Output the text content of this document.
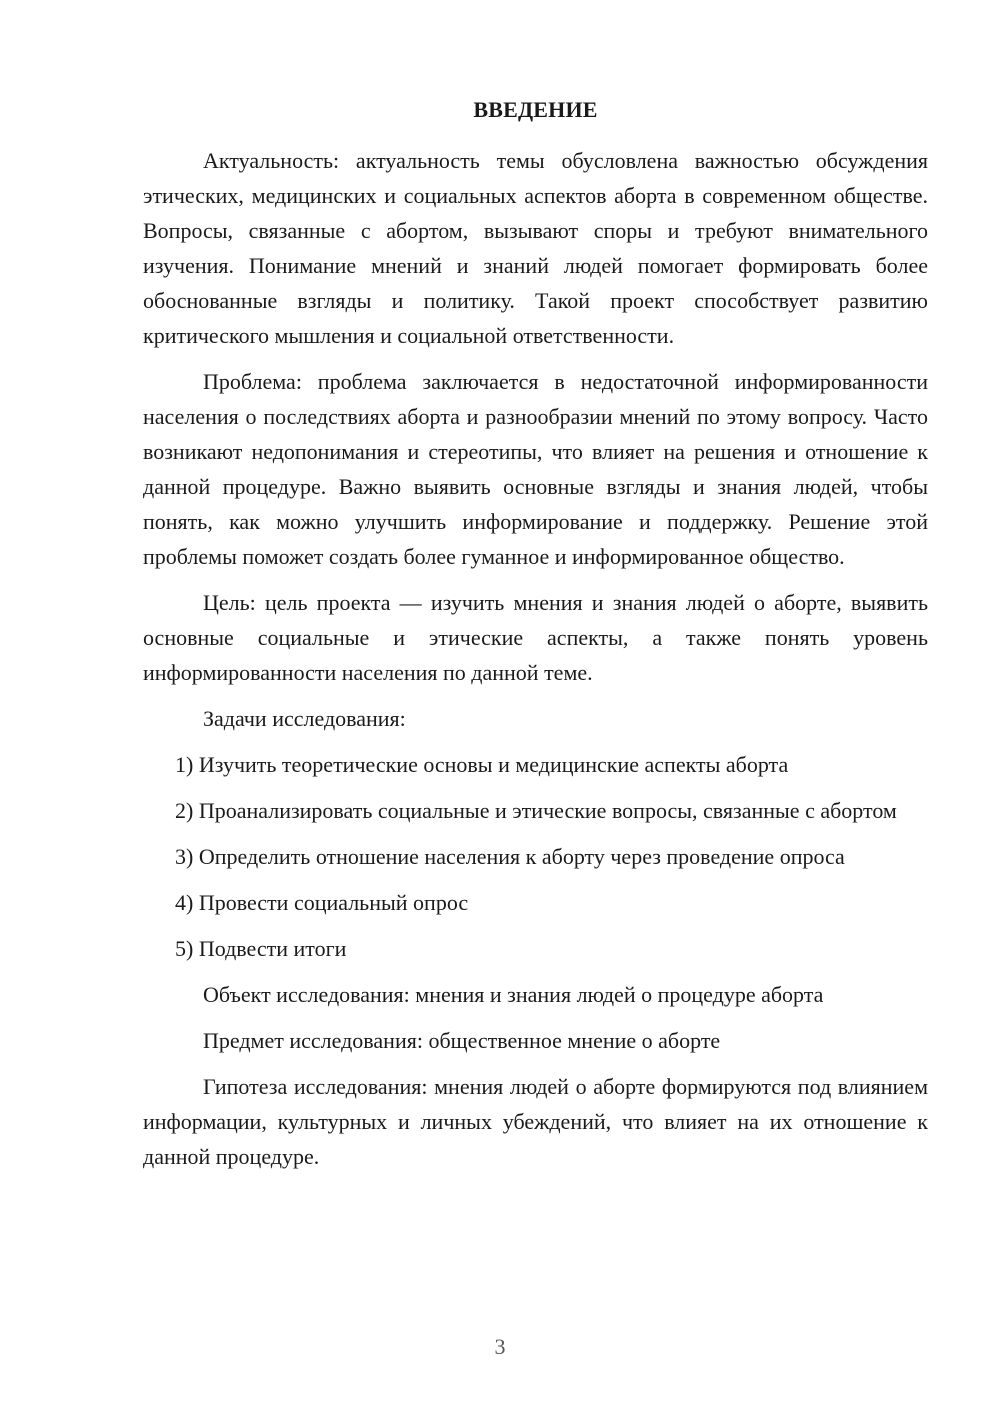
ВВЕДЕНИЕ

Актуальность: актуальность темы обусловлена важностью обсуждения этических, медицинских и социальных аспектов аборта в современном обществе. Вопросы, связанные с абортом, вызывают споры и требуют внимательного изучения. Понимание мнений и знаний людей помогает формировать более обоснованные взгляды и политику. Такой проект способствует развитию критического мышления и социальной ответственности.

Проблема: проблема заключается в недостаточной информированности населения о последствиях аборта и разнообразии мнений по этому вопросу. Часто возникают недопонимания и стереотипы, что влияет на решения и отношение к данной процедуре. Важно выявить основные взгляды и знания людей, чтобы понять, как можно улучшить информирование и поддержку. Решение этой проблемы поможет создать более гуманное и информированное общество.

Цель: цель проекта — изучить мнения и знания людей о аборте, выявить основные социальные и этические аспекты, а также понять уровень информированности населения по данной теме.

Задачи исследования:

1) Изучить теоретические основы и медицинские аспекты аборта

2) Проанализировать социальные и этические вопросы, связанные с абортом

3) Определить отношение населения к аборту через проведение опроса

4) Провести социальный опрос

5) Подвести итоги

Объект исследования: мнения и знания людей о процедуре аборта

Предмет исследования: общественное мнение о аборте

Гипотеза исследования: мнения людей о аборте формируются под влиянием информации, культурных и личных убеждений, что влияет на их отношение к данной процедуре.

3
